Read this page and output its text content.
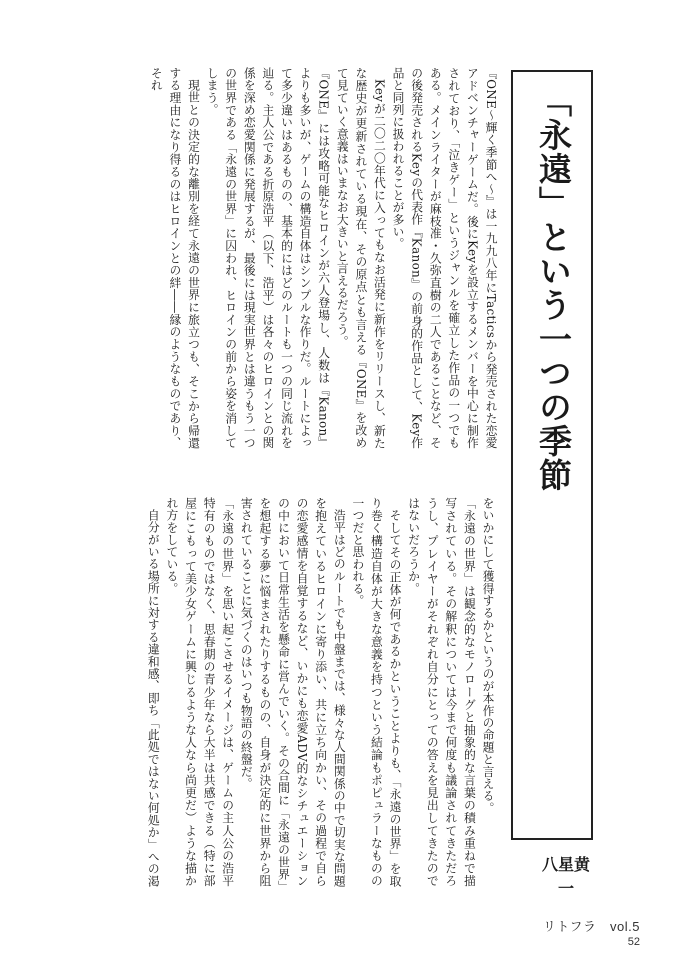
「永遠」という一つの季節
八星黄一

『ONE～輝く季節へ～』は一九九八年にTacticsから発売された恋愛アドベンチャーゲームだ。後にKeyを設立するメンバーを中心に制作されており、「泣きゲー」というジャンルを確立した作品の一つでもある。メインライターが麻枝准・久弥直樹の二人であることなど、その後発売されるKeyの代表作『Kanon』の前身的作品として、Key作品と同列に扱われることが多い。

Keyが二〇二〇年代に入ってもなお活発に新作をリリースし、新たな歴史が更新されている現在、その原点とも言える『ONE』を改めて見ていく意義はいまなお大きいと言えるだろう。

『ONE』には攻略可能なヒロインが六人登場し、人数は『Kanon』よりも多いが、ゲームの構造自体はシンプルな作りだ。ルートによって多少違いはあるものの、基本的にはどのルートも一つの同じ流れを辿る。主人公である折原浩平（以下、浩平）は各々のヒロインとの関係を深め恋愛関係に発展するが、最後には現実世界とは違うもう一つの世界である「永遠の世界」に囚われ、ヒロインの前から姿を消してしまう。

現世との決定的な離別を経て永遠の世界に旅立つも、そこから帰還する理由になり得るのはヒロインとの絆――縁のようなものであり、それ

をいかにして獲得するかというのが本作の命題と言える。

「永遠の世界」は観念的なモノローグと抽象的な言葉の積み重ねで描写されている。その解釈については今まで何度も議論されてきただろうし、プレイヤーがそれぞれ自分にとっての答えを見出してきたのではないだろうか。

そしてその正体が何であるかということよりも、「永遠の世界」を取り巻く構造自体が大きな意義を持つという結論もポピュラーなものの一つだと思われる。

浩平はどのルートでも中盤までは、様々な人間関係の中で切実な問題を抱えているヒロインに寄り添い、共に立ち向かい、その過程で自らの恋愛感情を自覚するなど、いかにも恋愛ADV的なシチュエーションの中において日常生活を懸命に営んでいく。その合間に「永遠の世界」を想起する夢に悩まされたりするものの、自身が決定的に世界から阻害されていることに気づくのはいつも物語の終盤だ。

「永遠の世界」を思い起こさせるイメージは、ゲームの主人公の浩平特有のものではなく、思春期の青少年なら大半は共感できる（特に部屋にこもって美少女ゲームに興じるような人なら尚更だ）ような描かれ方をしている。

自分がいる場所に対する違和感、即ち「此処ではない何処か」への渇

リトフラ　vol.5
52
